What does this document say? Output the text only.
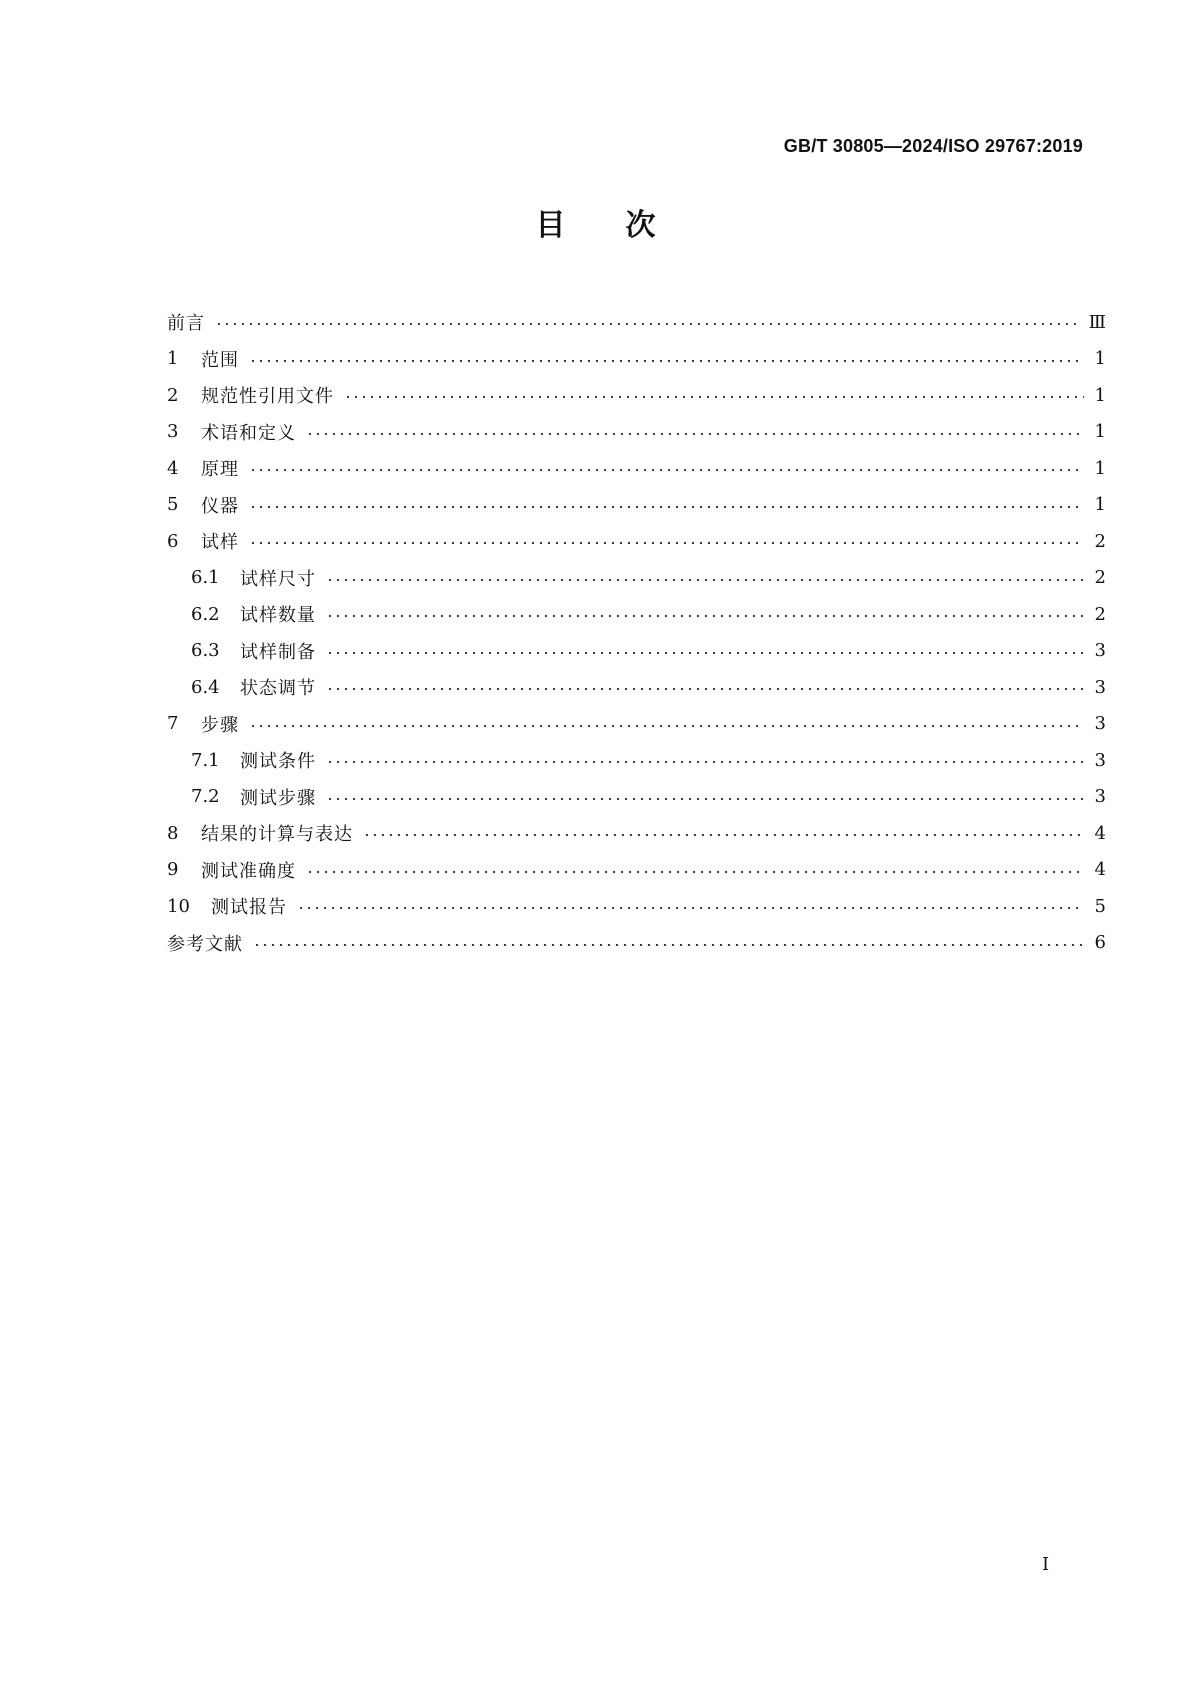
GB/T 30805—2024/ISO 29767:2019
目 次
前言	Ⅲ
1	范围	1
2	规范性引用文件	1
3	术语和定义	1
4	原理	1
5	仪器	1
6	试样	2
6.1	试样尺寸	2
6.2	试样数量	2
6.3	试样制备	3
6.4	状态调节	3
7	步骤	3
7.1	测试条件	3
7.2	测试步骤	3
8	结果的计算与表达	4
9	测试准确度	4
10	测试报告	5
参考文献	6
Ⅰ
